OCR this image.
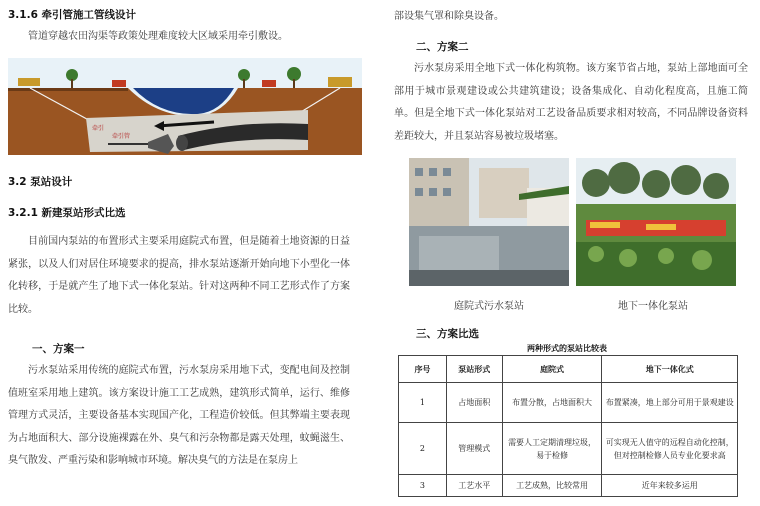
3.1.6 牵引管施工管线设计

管道穿越农田沟渠等政策处理难度较大区域采用牵引敷设。

牵引
牵引管
3.2 泵站设计
3.2.1 新建泵站形式比选

目前国内泵站的布置形式主要采用庭院式布置，但是随着土地资源的日益紧张，以及人们对居住环境要求的提高，排水泵站逐渐开始向地下小型化一体化转移，于是就产生了地下式一体化泵站。针对这两种不同工艺形式作了方案比较。

一、方案一

污水泵站采用传统的庭院式布置，污水泵房采用地下式，变配电间及控制值班室采用地上建筑。该方案设计施工工艺成熟，建筑形式简单，运行、维修管理方式灵活，主要设备基本实现国产化，工程造价较低。但其弊端主要表现为占地面积大、部分设施裸露在外、臭气和污杂物都是露天处理，蚊蝇滋生、臭气散发、严重污染和影响城市环境。解决臭气的方法是在泵房上

部设集气罩和除臭设备。

二、方案二

污水泵房采用全地下式一体化构筑物。该方案节省占地，泵站上部地面可全部用于城市景观建设或公共建筑建设；设备集成化、自动化程度高，且施工简单。但是全地下式一体化泵站对工艺设备品质要求相对较高，不同品牌设备资料差距较大，并且泵站容易被垃圾堵塞。

庭院式污水泵站	地下一体化泵站
三、方案比选
两种形式的泵站比较表
序号	泵站形式	庭院式	地下一体化式
1	占地面积	布置分散，占地面积大	布置紧凑，地上部分可用于景观建设
2	管理模式	需要人工定期清理垃圾，易于检修	可实现无人值守的远程自动化控制，但对控制检修人员专业化要求高
3	工艺水平	工艺成熟，比较常用	近年来较多运用
